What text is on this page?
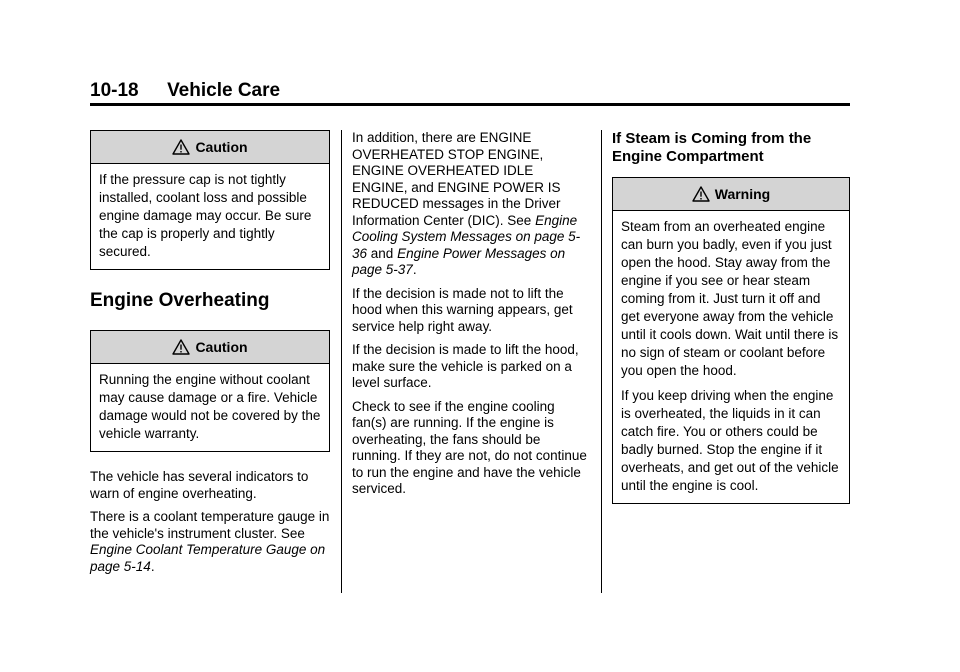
10-18 Vehicle Care
Caution

If the pressure cap is not tightly installed, coolant loss and possible engine damage may occur. Be sure the cap is properly and tightly secured.

Engine Overheating
Caution

Running the engine without coolant may cause damage or a fire. Vehicle damage would not be covered by the vehicle warranty.

The vehicle has several indicators to warn of engine overheating.

There is a coolant temperature gauge in the vehicle's instrument cluster. See Engine Coolant Temperature Gauge on page 5-14.

In addition, there are ENGINE OVERHEATED STOP ENGINE, ENGINE OVERHEATED IDLE ENGINE, and ENGINE POWER IS REDUCED messages in the Driver Information Center (DIC). See Engine Cooling System Messages on page 5-36 and Engine Power Messages on page 5-37.

If the decision is made not to lift the hood when this warning appears, get service help right away.

If the decision is made to lift the hood, make sure the vehicle is parked on a level surface.

Check to see if the engine cooling fan(s) are running. If the engine is overheating, the fans should be running. If they are not, do not continue to run the engine and have the vehicle serviced.

If Steam is Coming from the Engine Compartment
Warning

Steam from an overheated engine can burn you badly, even if you just open the hood. Stay away from the engine if you see or hear steam coming from it. Just turn it off and get everyone away from the vehicle until it cools down. Wait until there is no sign of steam or coolant before you open the hood.

If you keep driving when the engine is overheated, the liquids in it can catch fire. You or others could be badly burned. Stop the engine if it overheats, and get out of the vehicle until the engine is cool.
